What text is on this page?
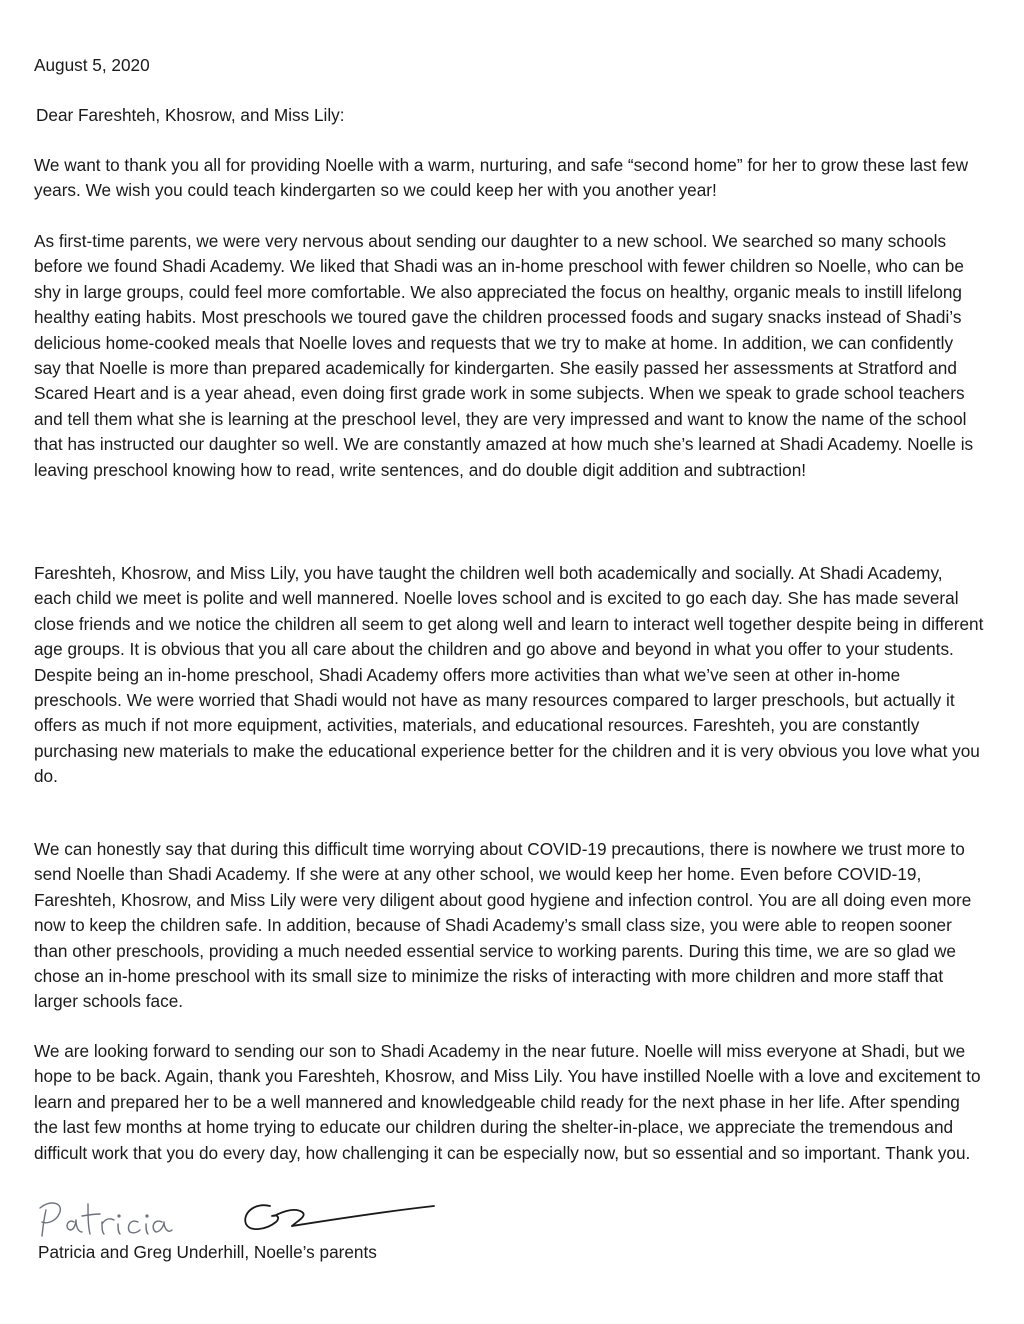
August 5, 2020

Dear Fareshteh, Khosrow, and Miss Lily:

We want to thank you all for providing Noelle with a warm, nurturing, and safe “second home” for her to grow these last few years. We wish you could teach kindergarten so we could keep her with you another year!

As first-time parents, we were very nervous about sending our daughter to a new school. We searched so many schools before we found Shadi Academy. We liked that Shadi was an in-home preschool with fewer children so Noelle, who can be shy in large groups, could feel more comfortable. We also appreciated the focus on healthy, organic meals to instill lifelong healthy eating habits. Most preschools we toured gave the children processed foods and sugary snacks instead of Shadi’s delicious home-cooked meals that Noelle loves and requests that we try to make at home. In addition, we can confidently say that Noelle is more than prepared academically for kindergarten. She easily passed her assessments at Stratford and Scared Heart and is a year ahead, even doing first grade work in some subjects. When we speak to grade school teachers and tell them what she is learning at the preschool level, they are very impressed and want to know the name of the school that has instructed our daughter so well. We are constantly amazed at how much she’s learned at Shadi Academy. Noelle is leaving preschool knowing how to read, write sentences, and do double digit addition and subtraction!

Fareshteh, Khosrow, and Miss Lily, you have taught the children well both academically and socially. At Shadi Academy, each child we meet is polite and well mannered. Noelle loves school and is excited to go each day. She has made several close friends and we notice the children all seem to get along well and learn to interact well together despite being in different age groups. It is obvious that you all care about the children and go above and beyond in what you offer to your students. Despite being an in-home preschool, Shadi Academy offers more activities than what we’ve seen at other in-home preschools. We were worried that Shadi would not have as many resources compared to larger preschools, but actually it offers as much if not more equipment, activities, materials, and educational resources. Fareshteh, you are constantly purchasing new materials to make the educational experience better for the children and it is very obvious you love what you do.

We can honestly say that during this difficult time worrying about COVID-19 precautions, there is nowhere we trust more to send Noelle than Shadi Academy. If she were at any other school, we would keep her home. Even before COVID-19, Fareshteh, Khosrow, and Miss Lily were very diligent about good hygiene and infection control. You are all doing even more now to keep the children safe. In addition, because of Shadi Academy’s small class size, you were able to reopen sooner than other preschools, providing a much needed essential service to working parents. During this time, we are so glad we chose an in-home preschool with its small size to minimize the risks of interacting with more children and more staff that larger schools face.

We are looking forward to sending our son to Shadi Academy in the near future. Noelle will miss everyone at Shadi, but we hope to be back. Again, thank you Fareshteh, Khosrow, and Miss Lily. You have instilled Noelle with a love and excitement to learn and prepared her to be a well mannered and knowledgeable child ready for the next phase in her life. After spending the last few months at home trying to educate our children during the shelter-in-place, we appreciate the tremendous and difficult work that you do every day, how challenging it can be especially now, but so essential and so important. Thank you.

Patricia and Greg Underhill, Noelle’s parents
